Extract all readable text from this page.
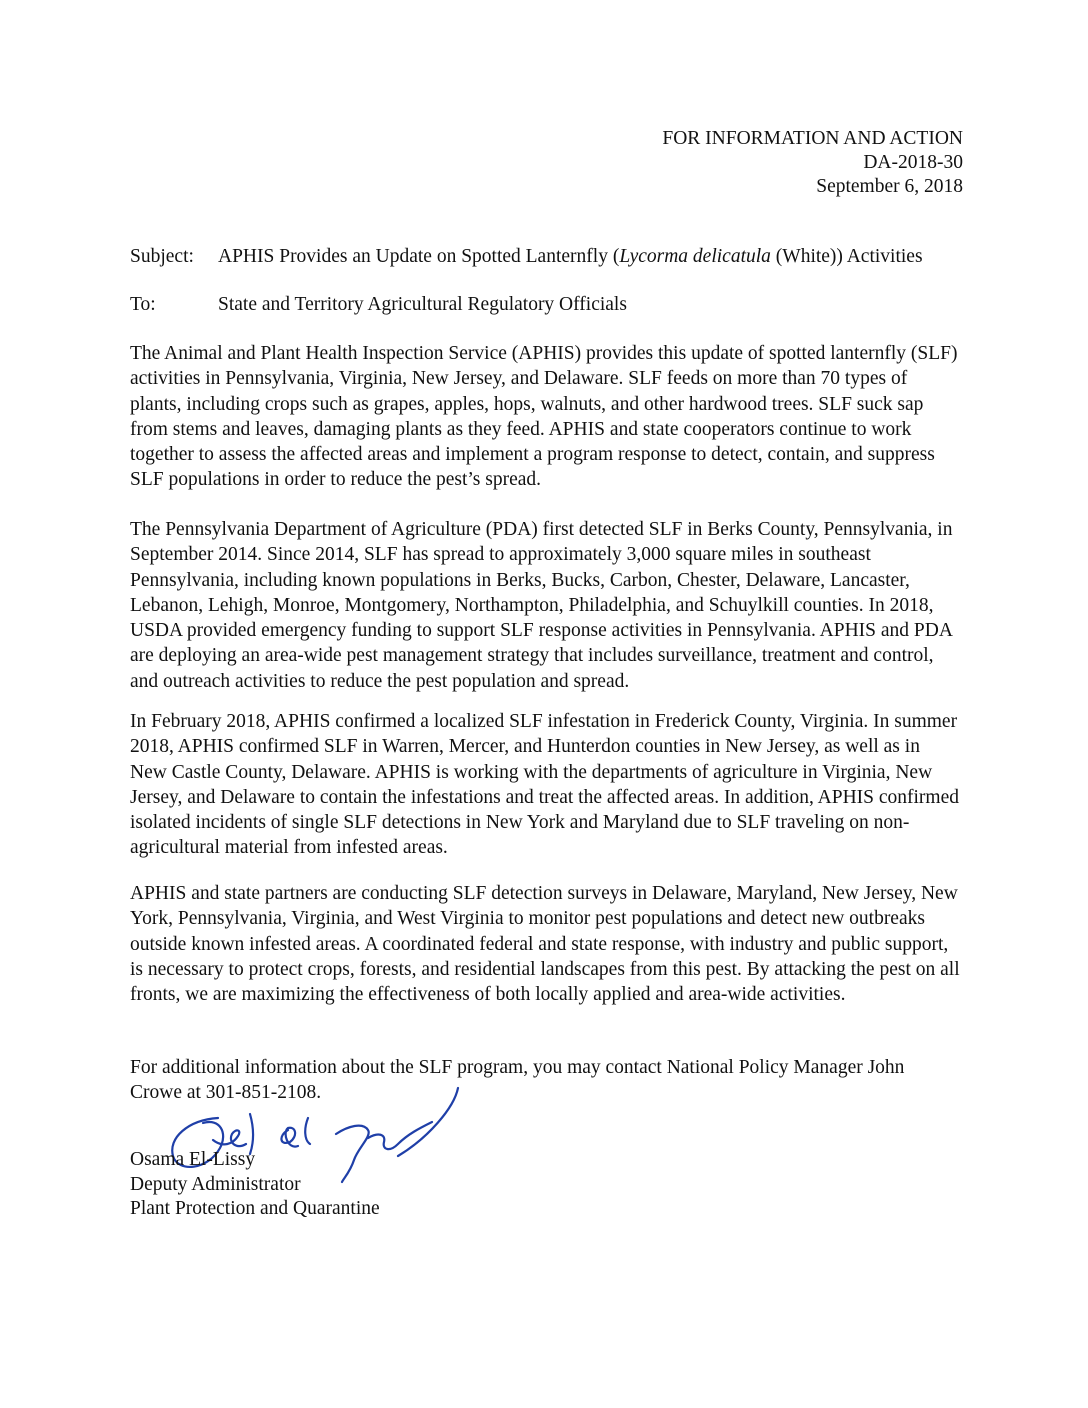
FOR INFORMATION AND ACTION
DA-2018-30
September 6, 2018
Subject: APHIS Provides an Update on Spotted Lanternfly (Lycorma delicatula (White)) Activities
To:	State and Territory Agricultural Regulatory Officials

The Animal and Plant Health Inspection Service (APHIS) provides this update of spotted lanternfly (SLF) activities in Pennsylvania, Virginia, New Jersey, and Delaware. SLF feeds on more than 70 types of plants, including crops such as grapes, apples, hops, walnuts, and other hardwood trees. SLF suck sap from stems and leaves, damaging plants as they feed. APHIS and state cooperators continue to work together to assess the affected areas and implement a program response to detect, contain, and suppress SLF populations in order to reduce the pest’s spread.

The Pennsylvania Department of Agriculture (PDA) first detected SLF in Berks County, Pennsylvania, in September 2014. Since 2014, SLF has spread to approximately 3,000 square miles in southeast Pennsylvania, including known populations in Berks, Bucks, Carbon, Chester, Delaware, Lancaster, Lebanon, Lehigh, Monroe, Montgomery, Northampton, Philadelphia, and Schuylkill counties. In 2018, USDA provided emergency funding to support SLF response activities in Pennsylvania. APHIS and PDA are deploying an area-wide pest management strategy that includes surveillance, treatment and control, and outreach activities to reduce the pest population and spread.

In February 2018, APHIS confirmed a localized SLF infestation in Frederick County, Virginia. In summer 2018, APHIS confirmed SLF in Warren, Mercer, and Hunterdon counties in New Jersey, as well as in New Castle County, Delaware. APHIS is working with the departments of agriculture in Virginia, New Jersey, and Delaware to contain the infestations and treat the affected areas. In addition, APHIS confirmed isolated incidents of single SLF detections in New York and Maryland due to SLF traveling on non-agricultural material from infested areas.

APHIS and state partners are conducting SLF detection surveys in Delaware, Maryland, New Jersey, New York, Pennsylvania, Virginia, and West Virginia to monitor pest populations and detect new outbreaks outside known infested areas. A coordinated federal and state response, with industry and public support, is necessary to protect crops, forests, and residential landscapes from this pest. By attacking the pest on all fronts, we are maximizing the effectiveness of both locally applied and area-wide activities.

For additional information about the SLF program, you may contact National Policy Manager John Crowe at 301-851-2108.

Osama El-Lissy
Deputy Administrator
Plant Protection and Quarantine
